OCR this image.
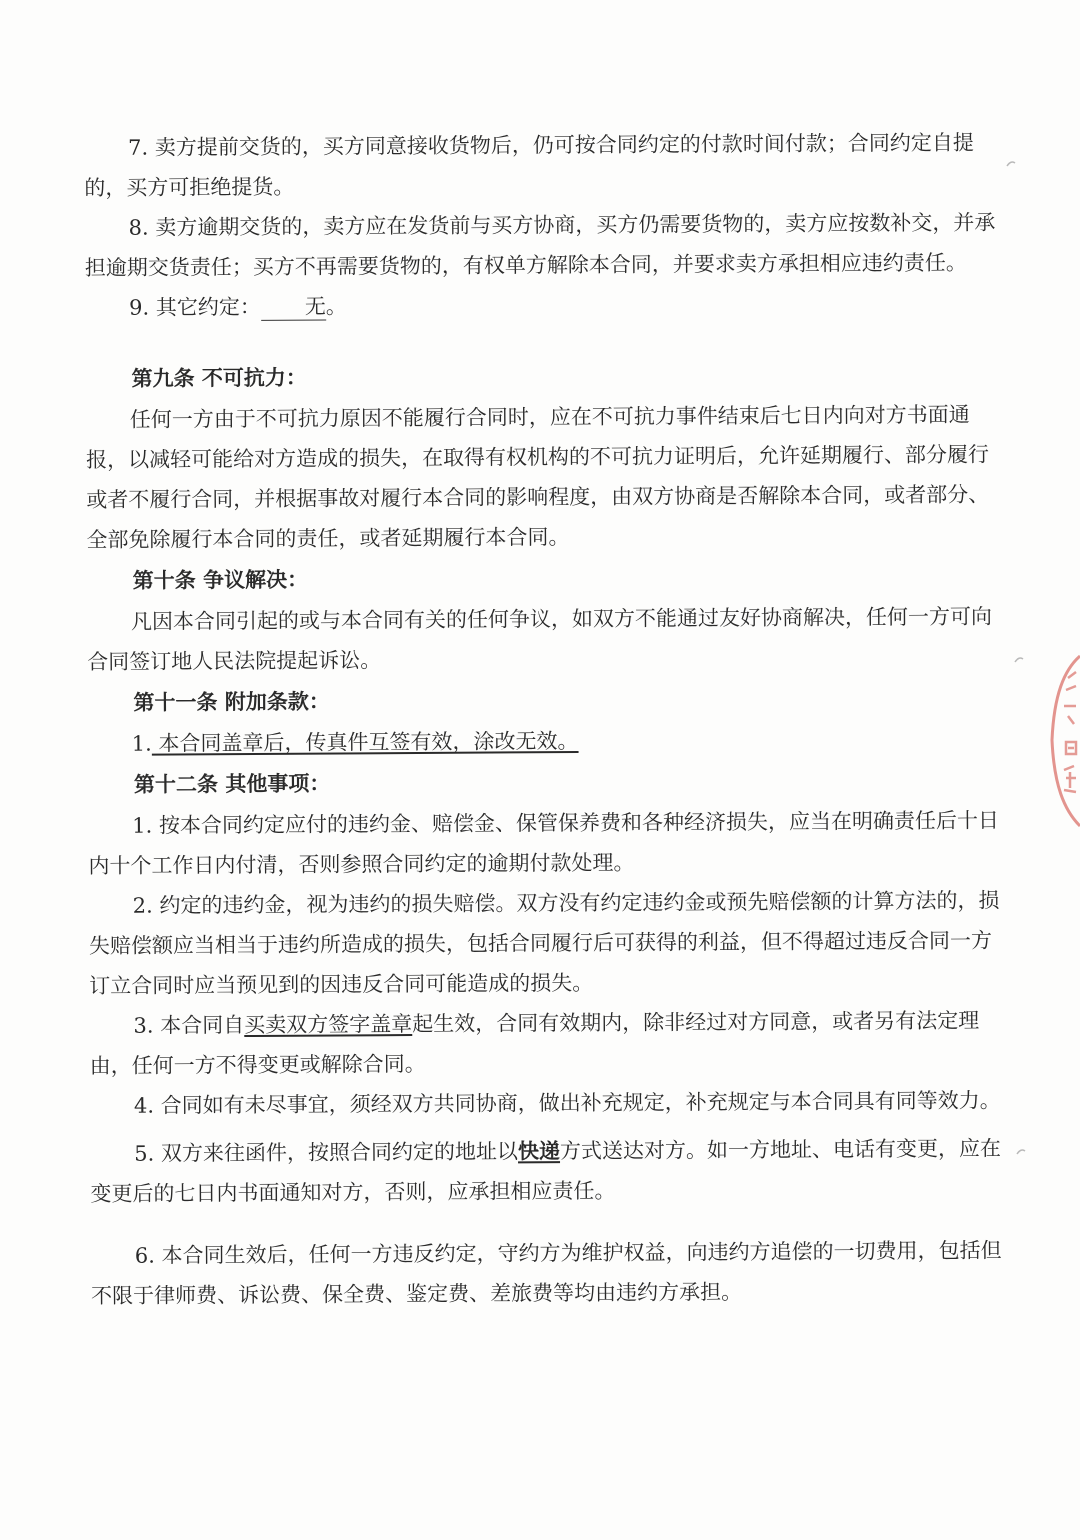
7. 卖方提前交货的，买方同意接收货物后，仍可按合同约定的付款时间付款；合同约定自提的，买方可拒绝提货。

8. 卖方逾期交货的，卖方应在发货前与买方协商，买方仍需要货物的，卖方应按数补交，并承担逾期交货责任；买方不再需要货物的，有权单方解除本合同，并要求卖方承担相应违约责任。

9. 其它约定： 无。

第九条 不可抗力：

任何一方由于不可抗力原因不能履行合同时，应在不可抗力事件结束后七日内向对方书面通报，以减轻可能给对方造成的损失，在取得有权机构的不可抗力证明后，允许延期履行、部分履行或者不履行合同，并根据事故对履行本合同的影响程度，由双方协商是否解除本合同，或者部分、全部免除履行本合同的责任，或者延期履行本合同。

第十条 争议解决：

凡因本合同引起的或与本合同有关的任何争议，如双方不能通过友好协商解决，任何一方可向合同签订地人民法院提起诉讼。

第十一条 附加条款：

1. 本合同盖章后，传真件互签有效，涂改无效。

第十二条 其他事项：

1. 按本合同约定应付的违约金、赔偿金、保管保养费和各种经济损失，应当在明确责任后十日内十个工作日内付清，否则参照合同约定的逾期付款处理。

2. 约定的违约金，视为违约的损失赔偿。双方没有约定违约金或预先赔偿额的计算方法的，损失赔偿额应当相当于违约所造成的损失，包括合同履行后可获得的利益，但不得超过违反合同一方订立合同时应当预见到的因违反合同可能造成的损失。

3. 本合同自买卖双方签字盖章起生效，合同有效期内，除非经过对方同意，或者另有法定理由，任何一方不得变更或解除合同。

4. 合同如有未尽事宜，须经双方共同协商，做出补充规定，补充规定与本合同具有同等效力。

5. 双方来往函件，按照合同约定的地址以快递方式送达对方。如一方地址、电话有变更，应在变更后的七日内书面通知对方，否则，应承担相应责任。

6. 本合同生效后，任何一方违反约定，守约方为维护权益，向违约方追偿的一切费用，包括但不限于律师费、诉讼费、保全费、鉴定费、差旅费等均由违约方承担。
